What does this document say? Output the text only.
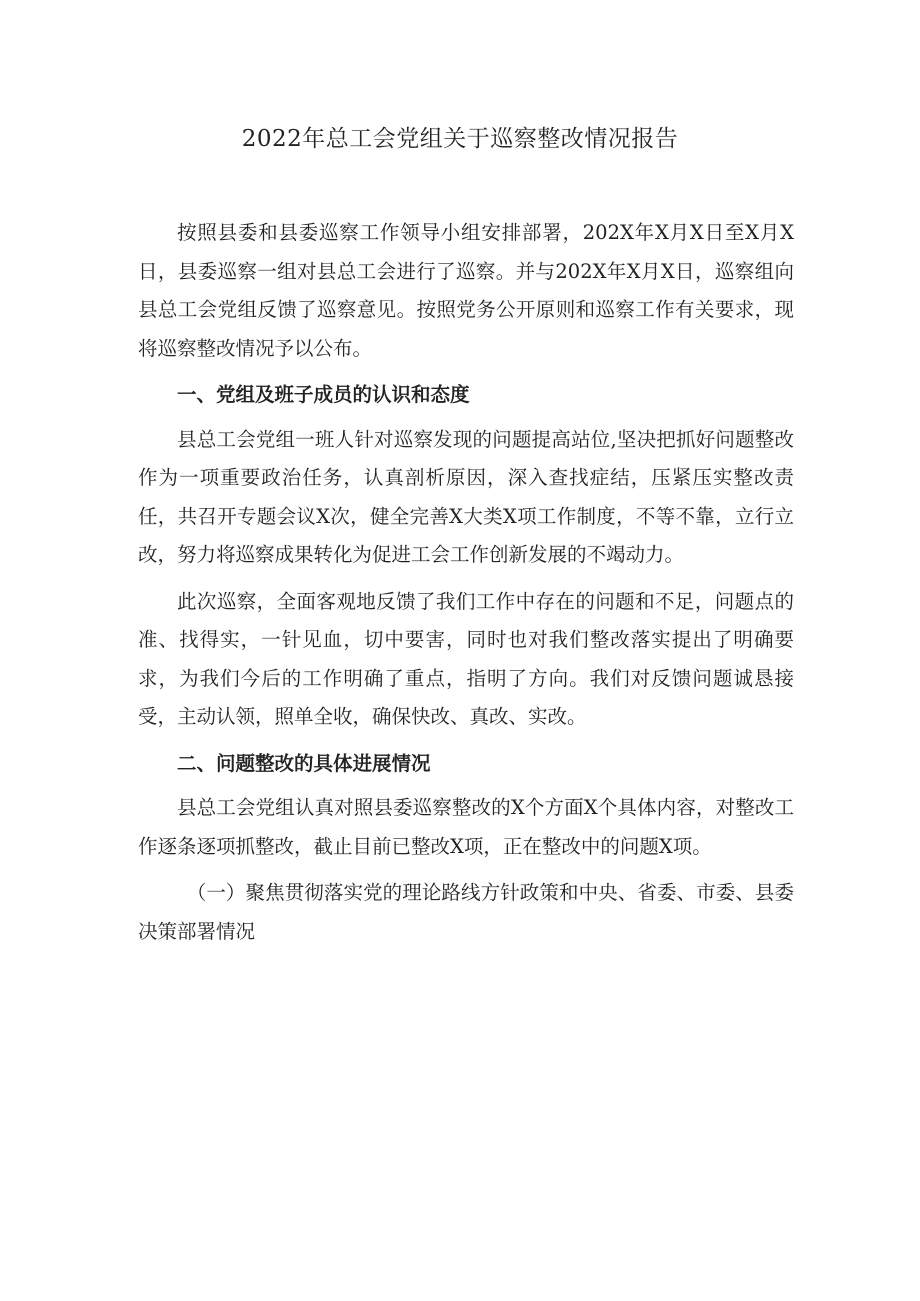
2022年总工会党组关于巡察整改情况报告

按照县委和县委巡察工作领导小组安排部署，202X年X月X日至X月X日，县委巡察一组对县总工会进行了巡察。并与202X年X月X日，巡察组向县总工会党组反馈了巡察意见。按照党务公开原则和巡察工作有关要求，现将巡察整改情况予以公布。

一、党组及班子成员的认识和态度

县总工会党组一班人针对巡察发现的问题提高站位,坚决把抓好问题整改作为一项重要政治任务，认真剖析原因，深入查找症结，压紧压实整改责任，共召开专题会议X次，健全完善X大类X项工作制度，不等不靠，立行立改，努力将巡察成果转化为促进工会工作创新发展的不竭动力。

此次巡察，全面客观地反馈了我们工作中存在的问题和不足，问题点的准、找得实，一针见血，切中要害，同时也对我们整改落实提出了明确要求，为我们今后的工作明确了重点，指明了方向。我们对反馈问题诚恳接受，主动认领，照单全收，确保快改、真改、实改。

二、问题整改的具体进展情况

县总工会党组认真对照县委巡察整改的X个方面X个具体内容，对整改工作逐条逐项抓整改，截止目前已整改X项，正在整改中的问题X项。

（一）聚焦贯彻落实党的理论路线方针政策和中央、省委、市委、县委决策部署情况
